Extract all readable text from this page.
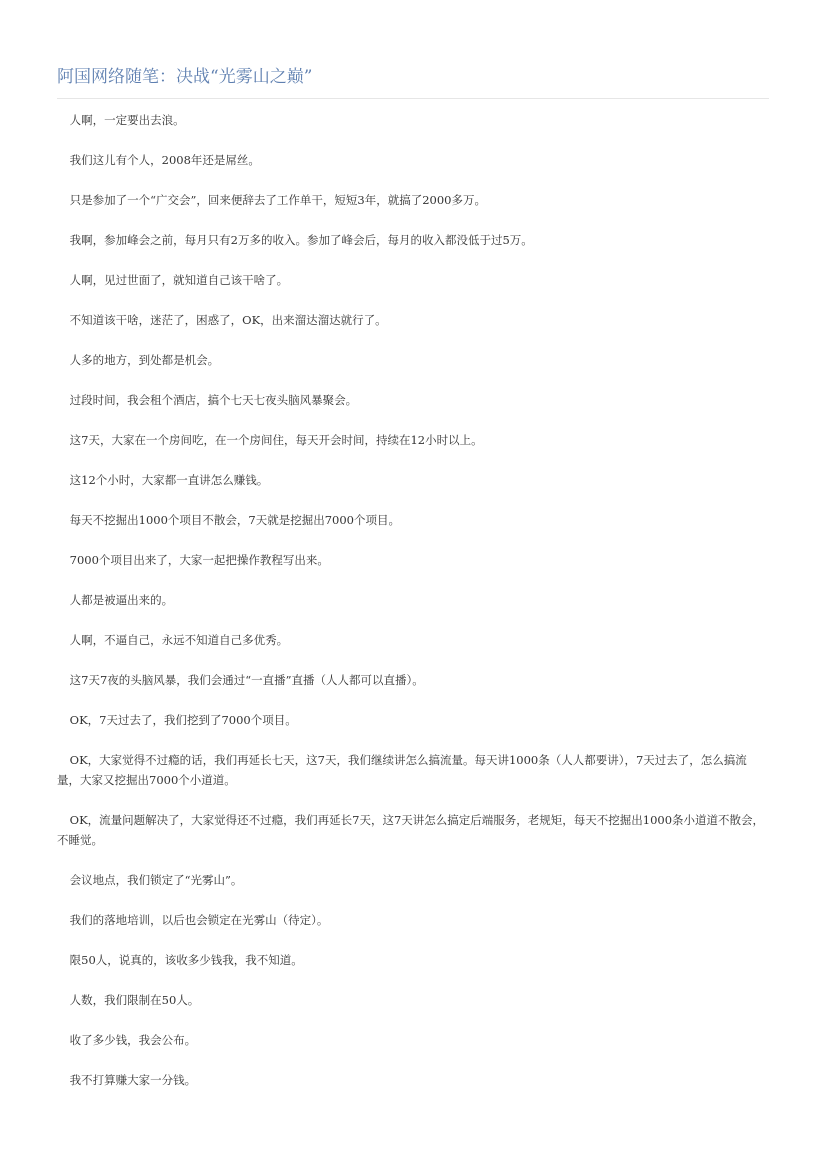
阿国网络随笔：决战“光雾山之巅”

人啊，一定要出去浪。

我们这儿有个人，2008年还是屌丝。

只是参加了一个“广交会”，回来便辞去了工作单干，短短3年，就搞了2000多万。

我啊，参加峰会之前，每月只有2万多的收入。参加了峰会后，每月的收入都没低于过5万。

人啊，见过世面了，就知道自己该干啥了。

不知道该干啥，迷茫了，困惑了，OK，出来溜达溜达就行了。

人多的地方，到处都是机会。

过段时间，我会租个酒店，搞个七天七夜头脑风暴聚会。

这7天，大家在一个房间吃，在一个房间住，每天开会时间，持续在12小时以上。

这12个小时，大家都一直讲怎么赚钱。

每天不挖掘出1000个项目不散会，7天就是挖掘出7000个项目。

7000个项目出来了，大家一起把操作教程写出来。

人都是被逼出来的。

人啊，不逼自己，永远不知道自己多优秀。

这7天7夜的头脑风暴，我们会通过“一直播”直播（人人都可以直播）。

OK，7天过去了，我们挖到了7000个项目。

OK，大家觉得不过瘾的话，我们再延长七天，这7天，我们继续讲怎么搞流量。每天讲1000条（人人都要讲），7天过去了，怎么搞流量，大家又挖掘出7000个小道道。

OK，流量问题解决了，大家觉得还不过瘾，我们再延长7天，这7天讲怎么搞定后端服务，老规矩，每天不挖掘出1000条小道道不散会，不睡觉。

会议地点，我们锁定了“光雾山”。

我们的落地培训，以后也会锁定在光雾山（待定）。

限50人，说真的，该收多少钱我，我不知道。

人数，我们限制在50人。

收了多少钱，我会公布。

我不打算赚大家一分钱。
